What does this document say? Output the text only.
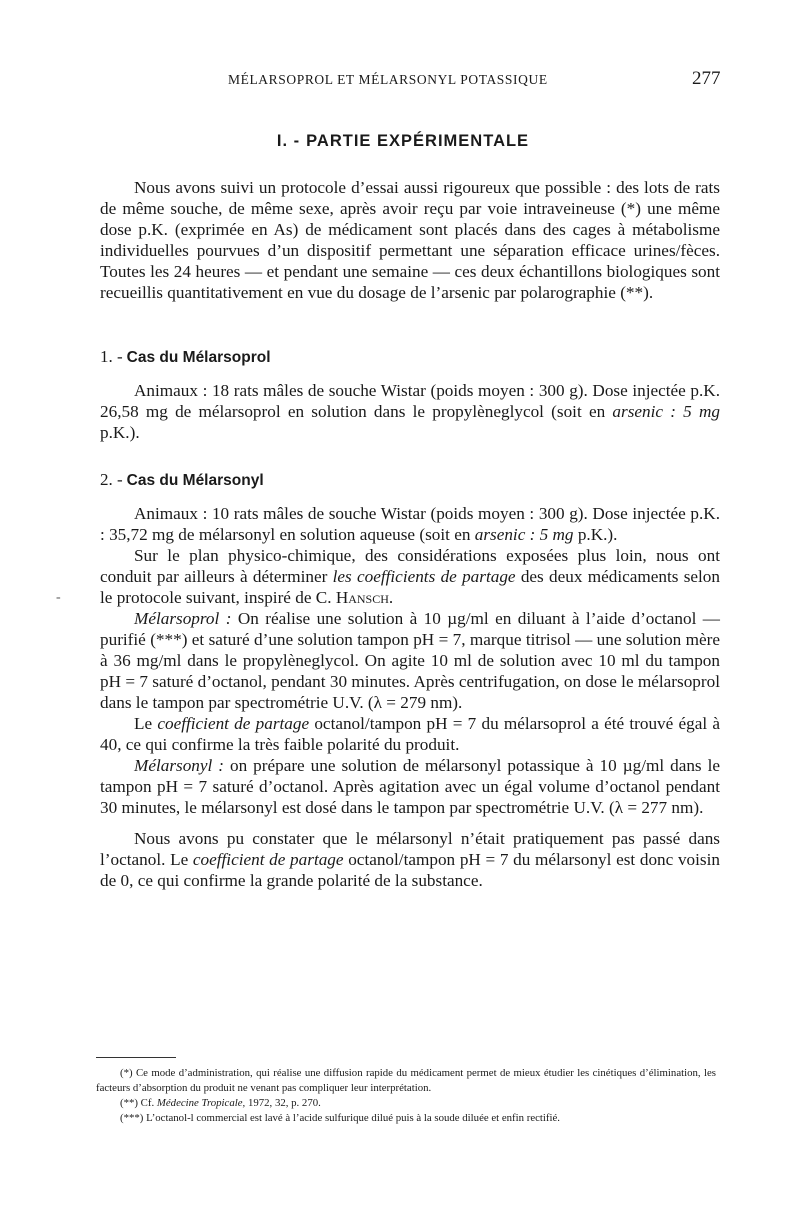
MÉLARSOPROL ET MÉLARSONYL POTASSIQUE	277
I. - PARTIE EXPÉRIMENTALE

Nous avons suivi un protocole d’essai aussi rigoureux que possible : des lots de rats de même souche, de même sexe, après avoir reçu par voie intraveineuse (*) une même dose p.K. (exprimée en As) de médicament sont placés dans des cages à métabolisme individuelles pourvues d’un dispositif permettant une séparation efficace urines/fèces. Toutes les 24 heures — et pendant une semaine — ces deux échantillons biologiques sont recueillis quantitativement en vue du dosage de l’arsenic par polarographie (**).

1. - Cas du Mélarsoprol

Animaux : 18 rats mâles de souche Wistar (poids moyen : 300 g). Dose injectée p.K. 26,58 mg de mélarsoprol en solution dans le propylèneglycol (soit en arsenic : 5 mg p.K.).

2. - Cas du Mélarsonyl

Animaux : 10 rats mâles de souche Wistar (poids moyen : 300 g). Dose injectée p.K. : 35,72 mg de mélarsonyl en solution aqueuse (soit en arsenic : 5 mg p.K.).

Sur le plan physico-chimique, des considérations exposées plus loin, nous ont conduit par ailleurs à déterminer les coefficients de partage des deux médicaments selon le protocole suivant, inspiré de C. Hansch.

Mélarsoprol : On réalise une solution à 10 µg/ml en diluant à l’aide d’octanol — purifié (***) et saturé d’une solution tampon pH = 7, marque titrisol — une solution mère à 36 mg/ml dans le propylèneglycol. On agite 10 ml de solution avec 10 ml du tampon pH = 7 saturé d’octanol, pendant 30 minutes. Après centrifugation, on dose le mélarsoprol dans le tampon par spectrométrie U.V. (λ = 279 nm).

Le coefficient de partage octanol/tampon pH = 7 du mélarsoprol a été trouvé égal à 40, ce qui confirme la très faible polarité du produit.

Mélarsonyl : on prépare une solution de mélarsonyl potassique à 10 µg/ml dans le tampon pH = 7 saturé d’octanol. Après agitation avec un égal volume d’octanol pendant 30 minutes, le mélarsonyl est dosé dans le tampon par spectrométrie U.V. (λ = 277 nm).

Nous avons pu constater que le mélarsonyl n’était pratiquement pas passé dans l’octanol. Le coefficient de partage octanol/tampon pH = 7 du mélarsonyl est donc voisin de 0, ce qui confirme la grande polarité de la substance.

-

(*) Ce mode d’administration, qui réalise une diffusion rapide du médicament permet de mieux étudier les cinétiques d’élimination, les facteurs d’absorption du produit ne venant pas compliquer leur interprétation.

(**) Cf. Médecine Tropicale, 1972, 32, p. 270.

(***) L’octanol-l commercial est lavé à l’acide sulfurique dilué puis à la soude diluée et enfin rectifié.
